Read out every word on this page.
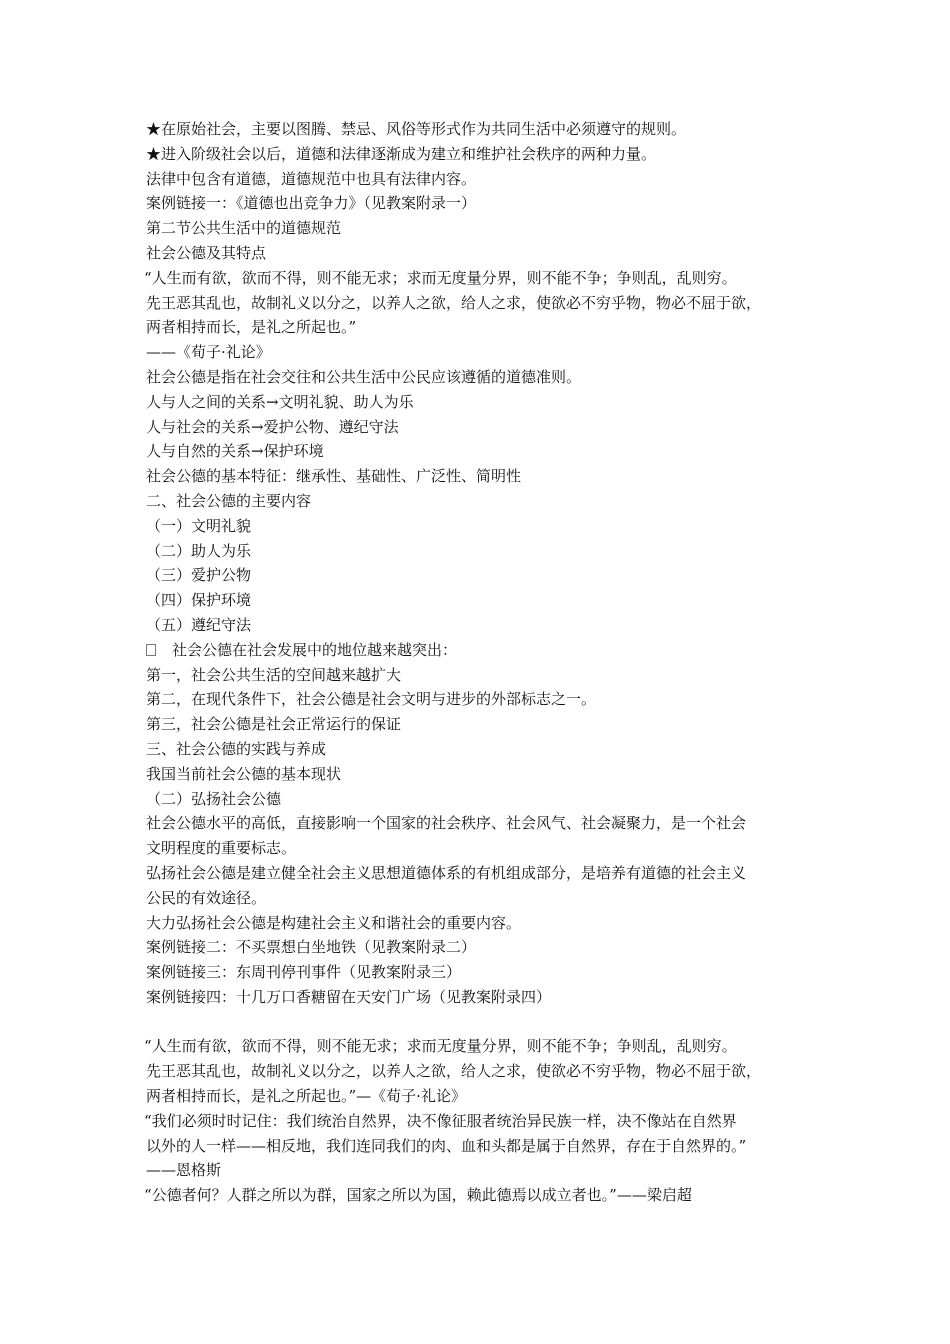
★在原始社会，主要以图腾、禁忌、风俗等形式作为共同生活中必须遵守的规则。

★进入阶级社会以后，道德和法律逐渐成为建立和维护社会秩序的两种力量。

法律中包含有道德，道德规范中也具有法律内容。

案例链接一：《道德也出竞争力》（见教案附录一）

第二节公共生活中的道德规范

社会公德及其特点

“人生而有欲，欲而不得，则不能无求；求而无度量分界，则不能不争；争则乱，乱则穷。

先王恶其乱也，故制礼义以分之，以养人之欲，给人之求，使欲必不穷乎物，物必不屈于欲，

两者相持而长，是礼之所起也。”

——《荀子·礼论》

社会公德是指在社会交往和公共生活中公民应该遵循的道德准则。

人与人之间的关系→文明礼貌、助人为乐

人与社会的关系→爱护公物、遵纪守法

人与自然的关系→保护环境

社会公德的基本特征：继承性、基础性、广泛性、简明性

二、社会公德的主要内容

（一）文明礼貌

（二）助人为乐

（三）爱护公物

（四）保护环境

（五）遵纪守法

社会公德在社会发展中的地位越来越突出：

第一，社会公共生活的空间越来越扩大

第二，在现代条件下，社会公德是社会文明与进步的外部标志之一。

第三，社会公德是社会正常运行的保证

三、社会公德的实践与养成

我国当前社会公德的基本现状

（二）弘扬社会公德

社会公德水平的高低，直接影响一个国家的社会秩序、社会风气、社会凝聚力，是一个社会

文明程度的重要标志。

弘扬社会公德是建立健全社会主义思想道德体系的有机组成部分，是培养有道德的社会主义

公民的有效途径。

大力弘扬社会公德是构建社会主义和谐社会的重要内容。

案例链接二：不买票想白坐地铁（见教案附录二）

案例链接三：东周刊停刊事件（见教案附录三）

案例链接四：十几万口香糖留在天安门广场（见教案附录四）

“人生而有欲，欲而不得，则不能无求；求而无度量分界，则不能不争；争则乱，乱则穷。

先王恶其乱也，故制礼义以分之，以养人之欲，给人之求，使欲必不穷乎物，物必不屈于欲，

两者相持而长，是礼之所起也。”—《荀子·礼论》

“我们必须时时记住：我们统治自然界，决不像征服者统治异民族一样，决不像站在自然界

以外的人一样——相反地，我们连同我们的肉、血和头都是属于自然界，存在于自然界的。”

——恩格斯

“公德者何？人群之所以为群，国家之所以为国，赖此德焉以成立者也。”——梁启超
